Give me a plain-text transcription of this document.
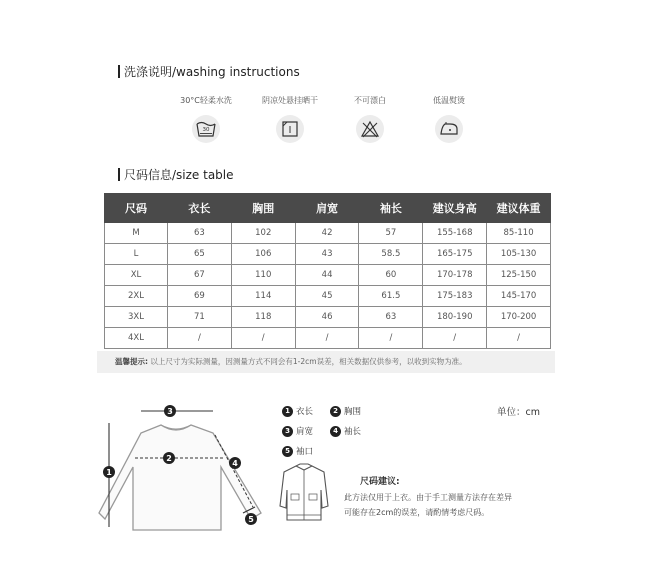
洗涤说明/washing instructions
30°C轻柔水洗
30
阴凉处悬挂晒干	不可漂白	低温熨烫
尺码信息/size table
尺码	衣长	胸围	肩宽	袖长	建议身高	建议体重
M	63	102	42	57	155-168	85-110
L	65	106	43	58.5	165-175	105-130
XL	67	110	44	60	170-178	125-150
2XL	69	114	45	61.5	175-183	145-170
3XL	71	118	46	63	180-190	170-200
4XL	/	/	/	/	/	/
温馨提示: 以上尺寸为实际测量，因测量方式不同会有1-2cm误差，相关数据仅供参考，以收到实物为准。
1
2
3
4
5
1 衣长	2 胸围
3 肩宽	4 袖长
5 袖口
单位：cm
尺码建议:
此方法仅用于上衣。由于手工测量方法存在差异
可能存在2cm的误差，请酌情考虑尺码。
